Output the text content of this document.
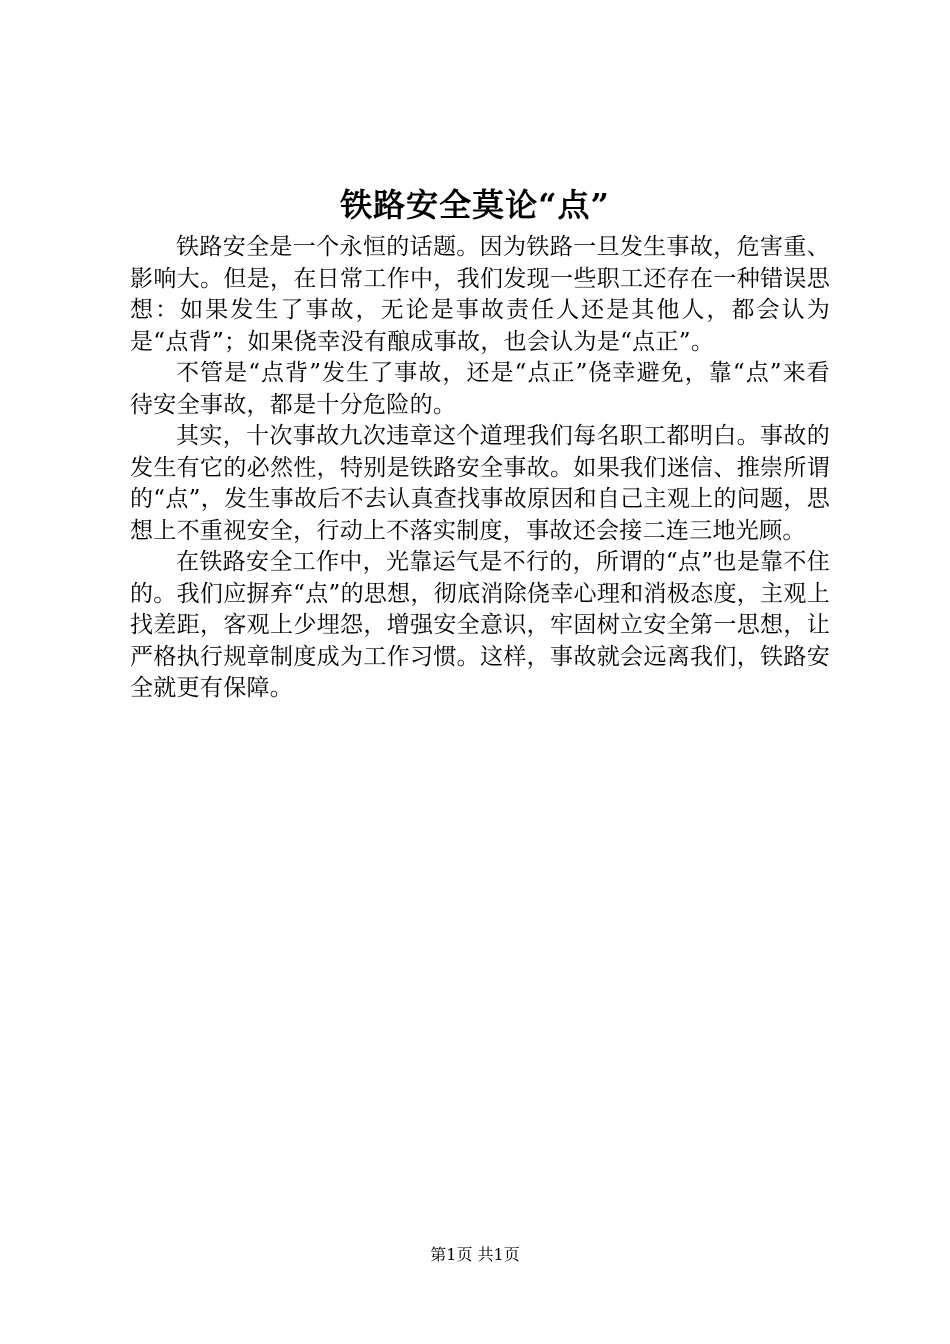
铁路安全莫论“点”

铁路安全是一个永恒的话题。因为铁路一旦发生事故，危害重、影响大。但是，在日常工作中，我们发现一些职工还存在一种错误思想：如果发生了事故，无论是事故责任人还是其他人，都会认为是“点背”；如果侥幸没有酿成事故，也会认为是“点正”。

不管是“点背”发生了事故，还是“点正”侥幸避免，靠“点”来看待安全事故，都是十分危险的。

其实，十次事故九次违章这个道理我们每名职工都明白。事故的发生有它的必然性，特别是铁路安全事故。如果我们迷信、推崇所谓的“点”，发生事故后不去认真查找事故原因和自己主观上的问题，思想上不重视安全，行动上不落实制度，事故还会接二连三地光顾。

在铁路安全工作中，光靠运气是不行的，所谓的“点”也是靠不住的。我们应摒弃“点”的思想，彻底消除侥幸心理和消极态度，主观上找差距，客观上少埋怨，增强安全意识，牢固树立安全第一思想，让严格执行规章制度成为工作习惯。这样，事故就会远离我们，铁路安全就更有保障。

第1页 共1页
